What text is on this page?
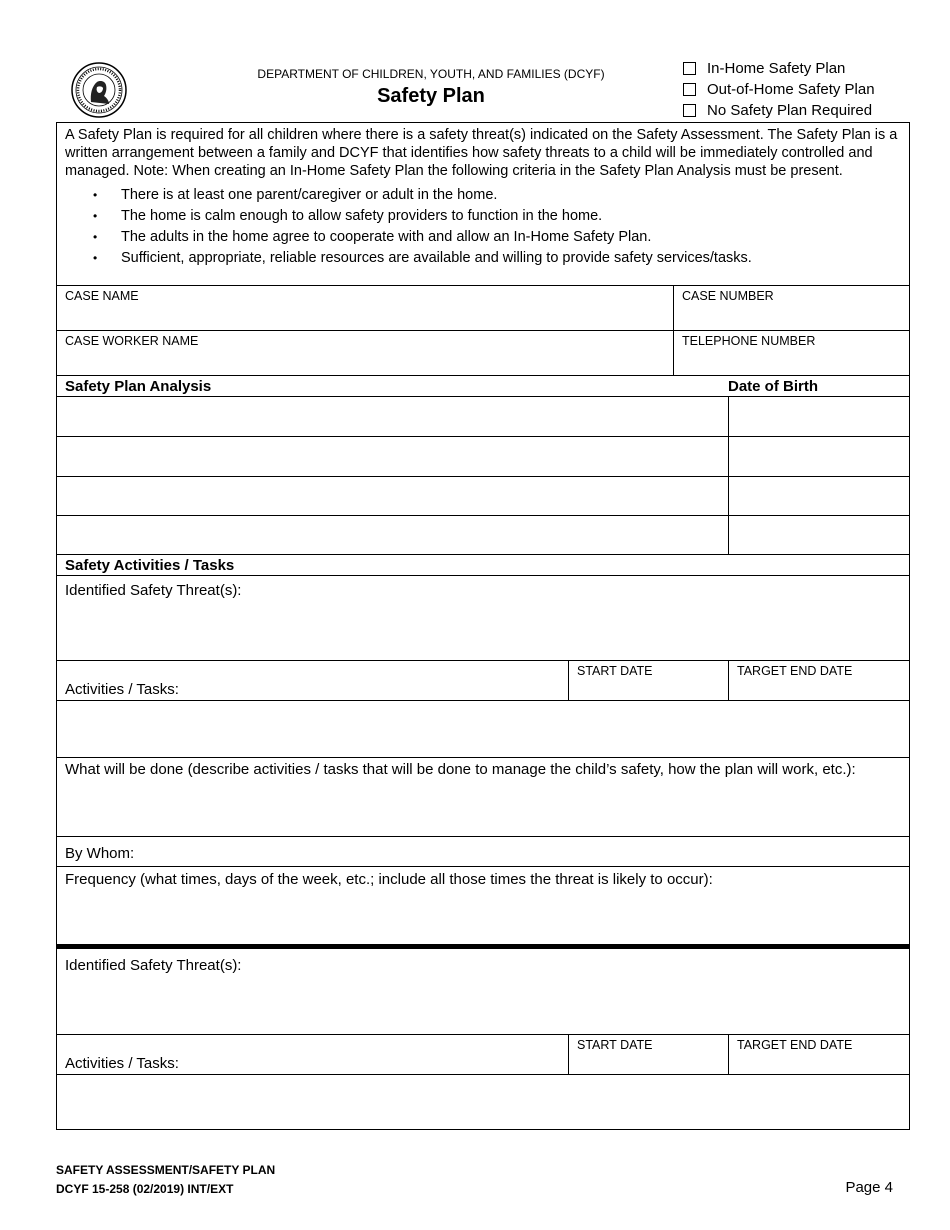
DEPARTMENT OF CHILDREN, YOUTH, AND FAMILIES (DCYF)
Safety Plan
In-Home Safety Plan
Out-of-Home Safety Plan
No Safety Plan Required

A Safety Plan is required for all children where there is a safety threat(s) indicated on the Safety Assessment. The Safety Plan is a written arrangement between a family and DCYF that identifies how safety threats to a child will be immediately controlled and managed. Note: When creating an In-Home Safety Plan the following criteria in the Safety Plan Analysis must be present.

• There is at least one parent/caregiver or adult in the home.
• The home is calm enough to allow safety providers to function in the home.
• The adults in the home agree to cooperate with and allow an In-Home Safety Plan.
• Sufficient, appropriate, reliable resources are available and willing to provide safety services/tasks.
CASE NAME	CASE NUMBER
CASE WORKER NAME	TELEPHONE NUMBER
Safety Plan Analysis	Date of Birth
Safety Activities / Tasks
Identified Safety Threat(s):
Activities / Tasks:
START DATE	TARGET END DATE
What will be done (describe activities / tasks that will be done to manage the child’s safety, how the plan will work, etc.):
By Whom:
Frequency (what times, days of the week, etc.; include all those times the threat is likely to occur):
Identified Safety Threat(s):
Activities / Tasks:
START DATE	TARGET END DATE
SAFETY ASSESSMENT/SAFETY PLAN
DCYF 15-258 (02/2019) INT/EXT	Page 4
